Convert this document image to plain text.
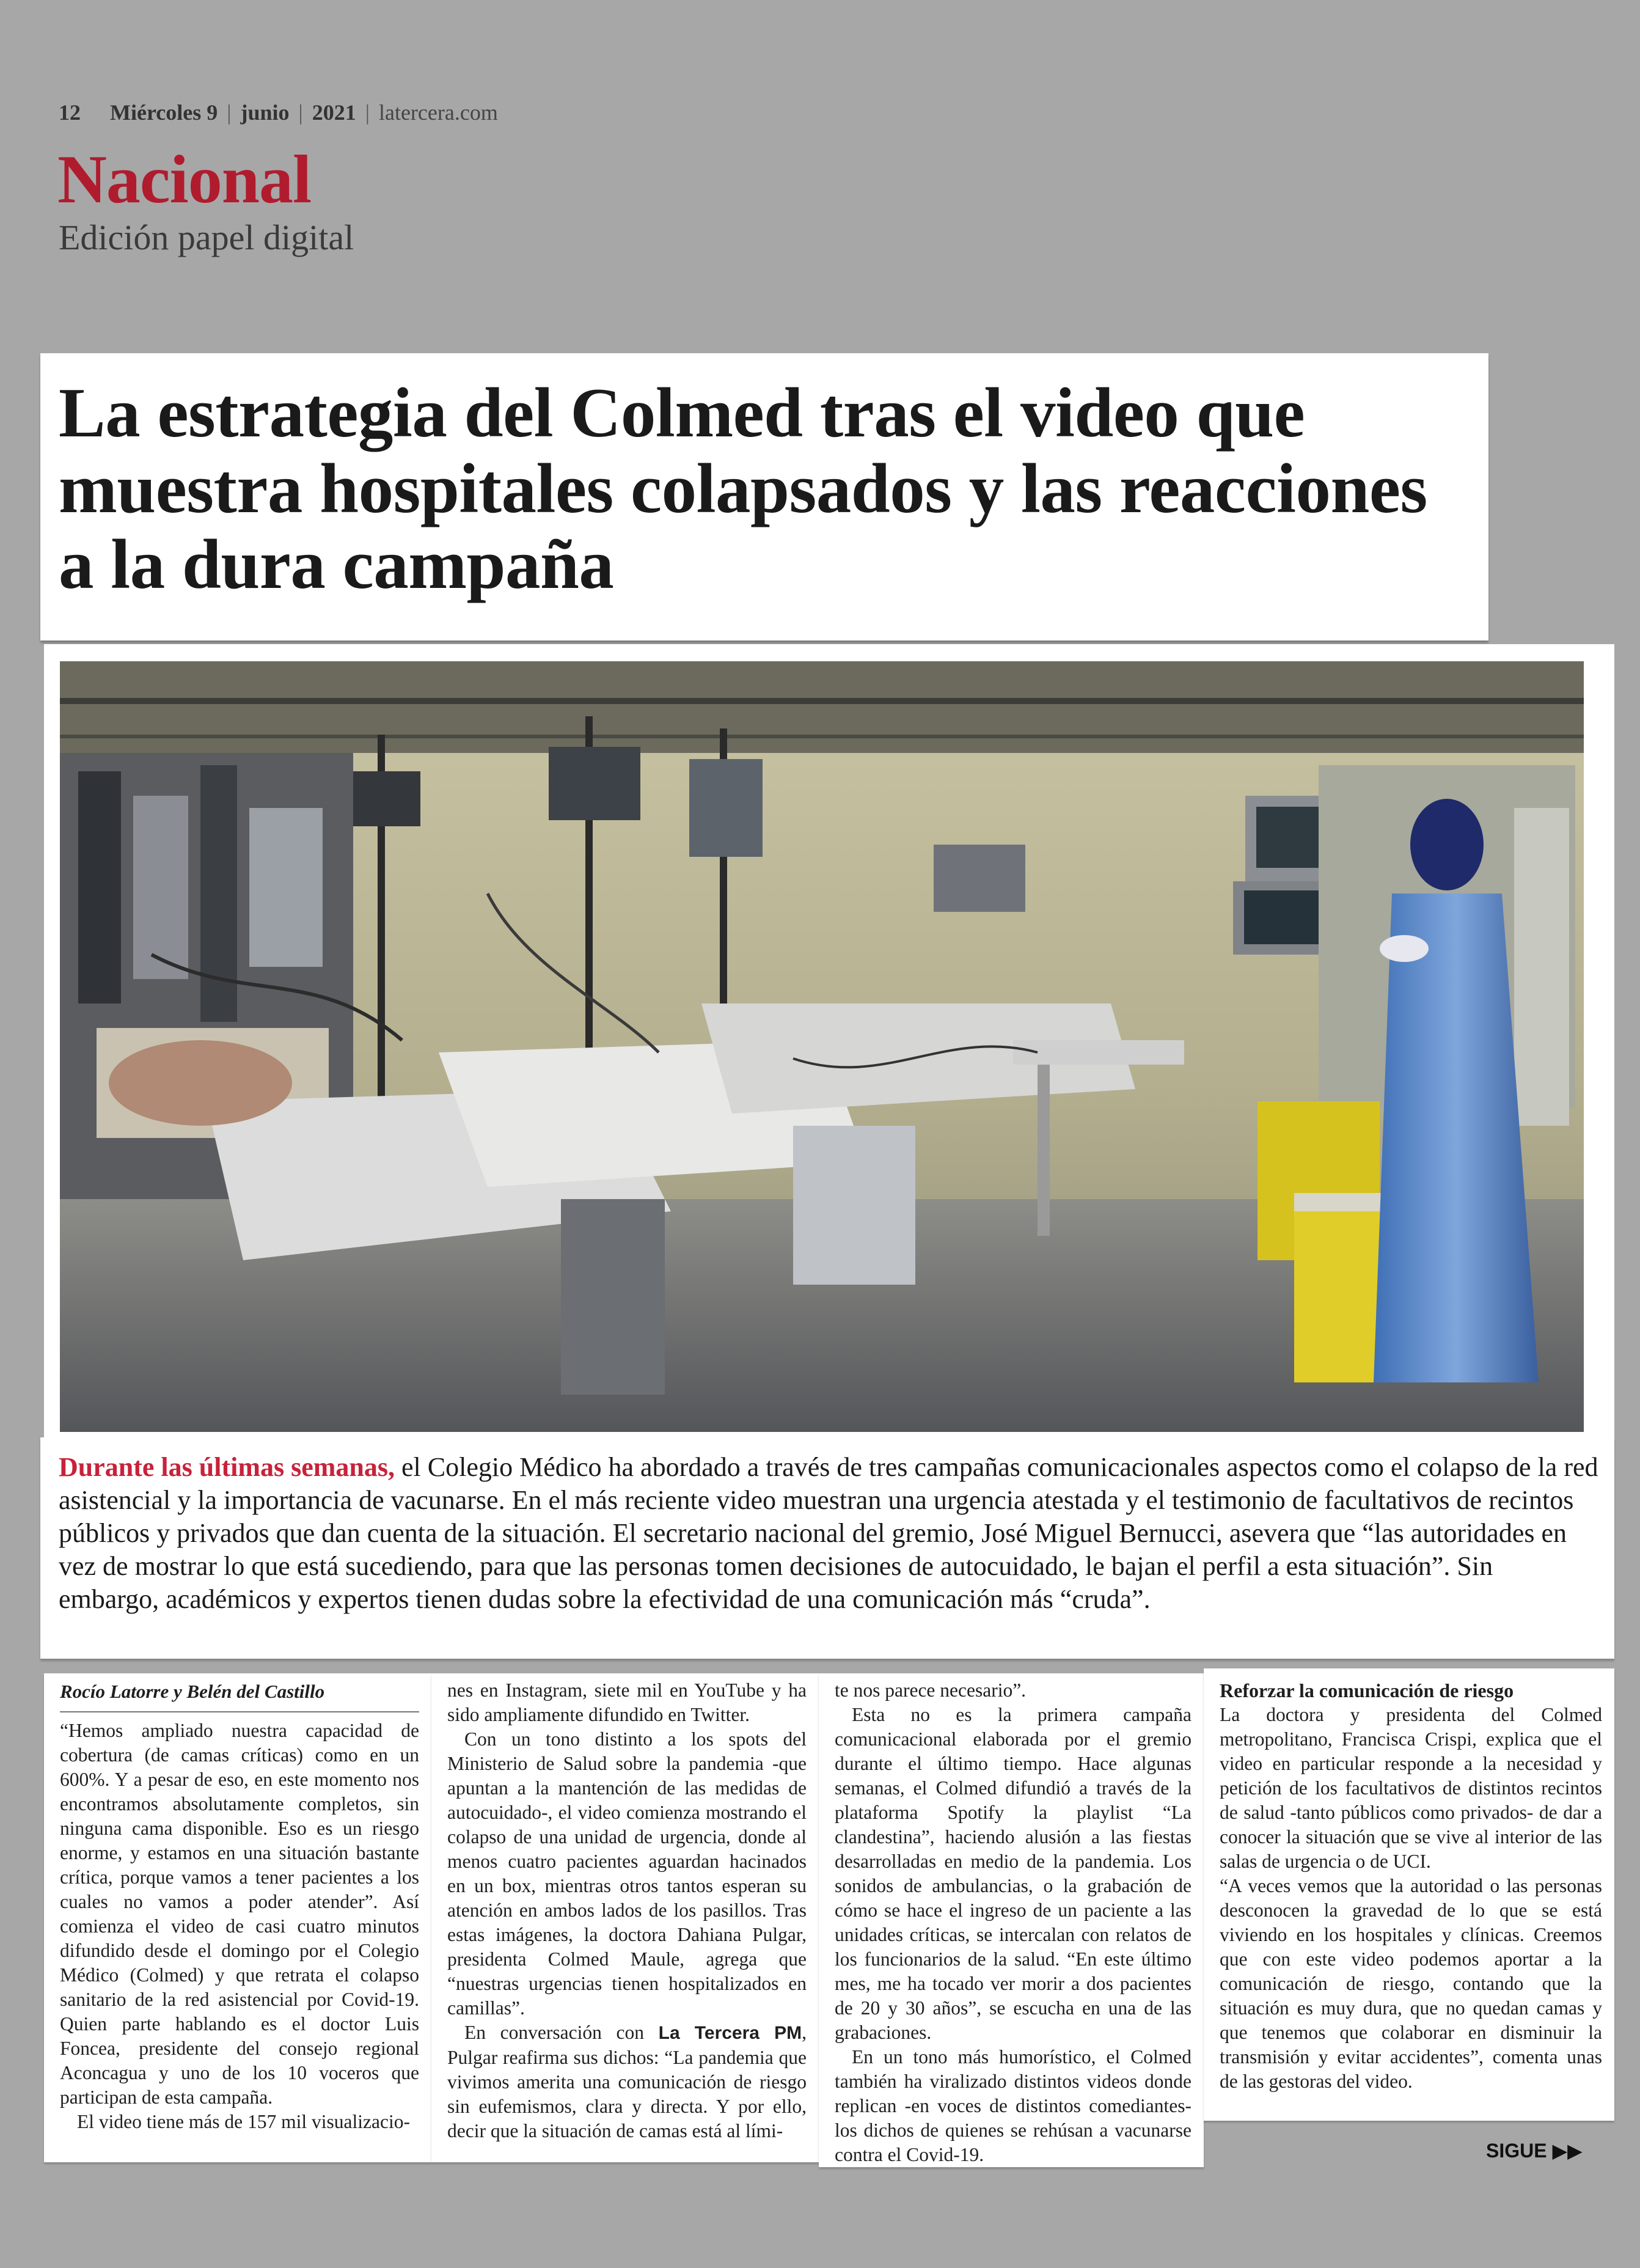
12 Miércoles 9 | junio | 2021 | latercera.com
Nacional
Edición papel digital
La estrategia del Colmed tras el video que muestra hospitales colapsados y las reacciones a la dura campaña

Durante las últimas semanas, el Colegio Médico ha abordado a través de tres campañas comunicacionales aspectos como el colapso de la red asistencial y la importancia de vacunarse. En el más reciente video muestran una urgencia atestada y el testimonio de facultativos de recintos públicos y privados que dan cuenta de la situación. El secretario nacional del gremio, José Miguel Bernucci, asevera que “las autoridades en vez de mostrar lo que está sucediendo, para que las personas tomen decisiones de autocuidado, le bajan el perfil a esta situación”. Sin embargo, académicos y expertos tienen dudas sobre la efectividad de una comunicación más “cruda”.

Rocío Latorre y Belén del Castillo

“Hemos ampliado nuestra capacidad de cobertura (de camas críticas) como en un 600%. Y a pesar de eso, en este momento nos encontramos absolutamente completos, sin ninguna cama disponible. Eso es un riesgo enorme, y estamos en una situación bastante crítica, porque vamos a tener pacientes a los cuales no vamos a poder atender”. Así comienza el video de casi cuatro minutos difundido desde el domingo por el Colegio Médico (Colmed) y que retrata el colapso sanitario de la red asistencial por Covid-19. Quien parte hablando es el doctor Luis Foncea, presidente del consejo regional Aconcagua y uno de los 10 voceros que participan de esta campaña.

El video tiene más de 157 mil visualizacio-

nes en Instagram, siete mil en YouTube y ha sido ampliamente difundido en Twitter.

Con un tono distinto a los spots del Ministerio de Salud sobre la pandemia -que apuntan a la mantención de las medidas de autocuidado-, el video comienza mostrando el colapso de una unidad de urgencia, donde al menos cuatro pacientes aguardan hacinados en un box, mientras otros tantos esperan su atención en ambos lados de los pasillos. Tras estas imágenes, la doctora Dahiana Pulgar, presidenta Colmed Maule, agrega que “nuestras urgencias tienen hospitalizados en camillas”.

En conversación con La Tercera PM, Pulgar reafirma sus dichos: “La pandemia que vivimos amerita una comunicación de riesgo sin eufemismos, clara y directa. Y por ello, decir que la situación de camas está al lími-

te nos parece necesario”.

Esta no es la primera campaña comunicacional elaborada por el gremio durante el último tiempo. Hace algunas semanas, el Colmed difundió a través de la plataforma Spotify la playlist “La clandestina”, haciendo alusión a las fiestas desarrolladas en medio de la pandemia. Los sonidos de ambulancias, o la grabación de cómo se hace el ingreso de un paciente a las unidades críticas, se intercalan con relatos de los funcionarios de la salud. “En este último mes, me ha tocado ver morir a dos pacientes de 20 y 30 años”, se escucha en una de las grabaciones.

En un tono más humorístico, el Colmed también ha viralizado distintos videos donde replican -en voces de distintos comediantes- los dichos de quienes se rehúsan a vacunarse contra el Covid-19.

Reforzar la comunicación de riesgo

La doctora y presidenta del Colmed metropolitano, Francisca Crispi, explica que el video en particular responde a la necesidad y petición de los facultativos de distintos recintos de salud -tanto públicos como privados- de dar a conocer la situación que se vive al interior de las salas de urgencia o de UCI.

“A veces vemos que la autoridad o las personas desconocen la gravedad de lo que se está viviendo en los hospitales y clínicas. Creemos que con este video podemos aportar a la comunicación de riesgo, contando que la situación es muy dura, que no quedan camas y que tenemos que colaborar en disminuir la transmisión y evitar accidentes”, comenta unas de las gestoras del video.

SIGUE ▶▶
